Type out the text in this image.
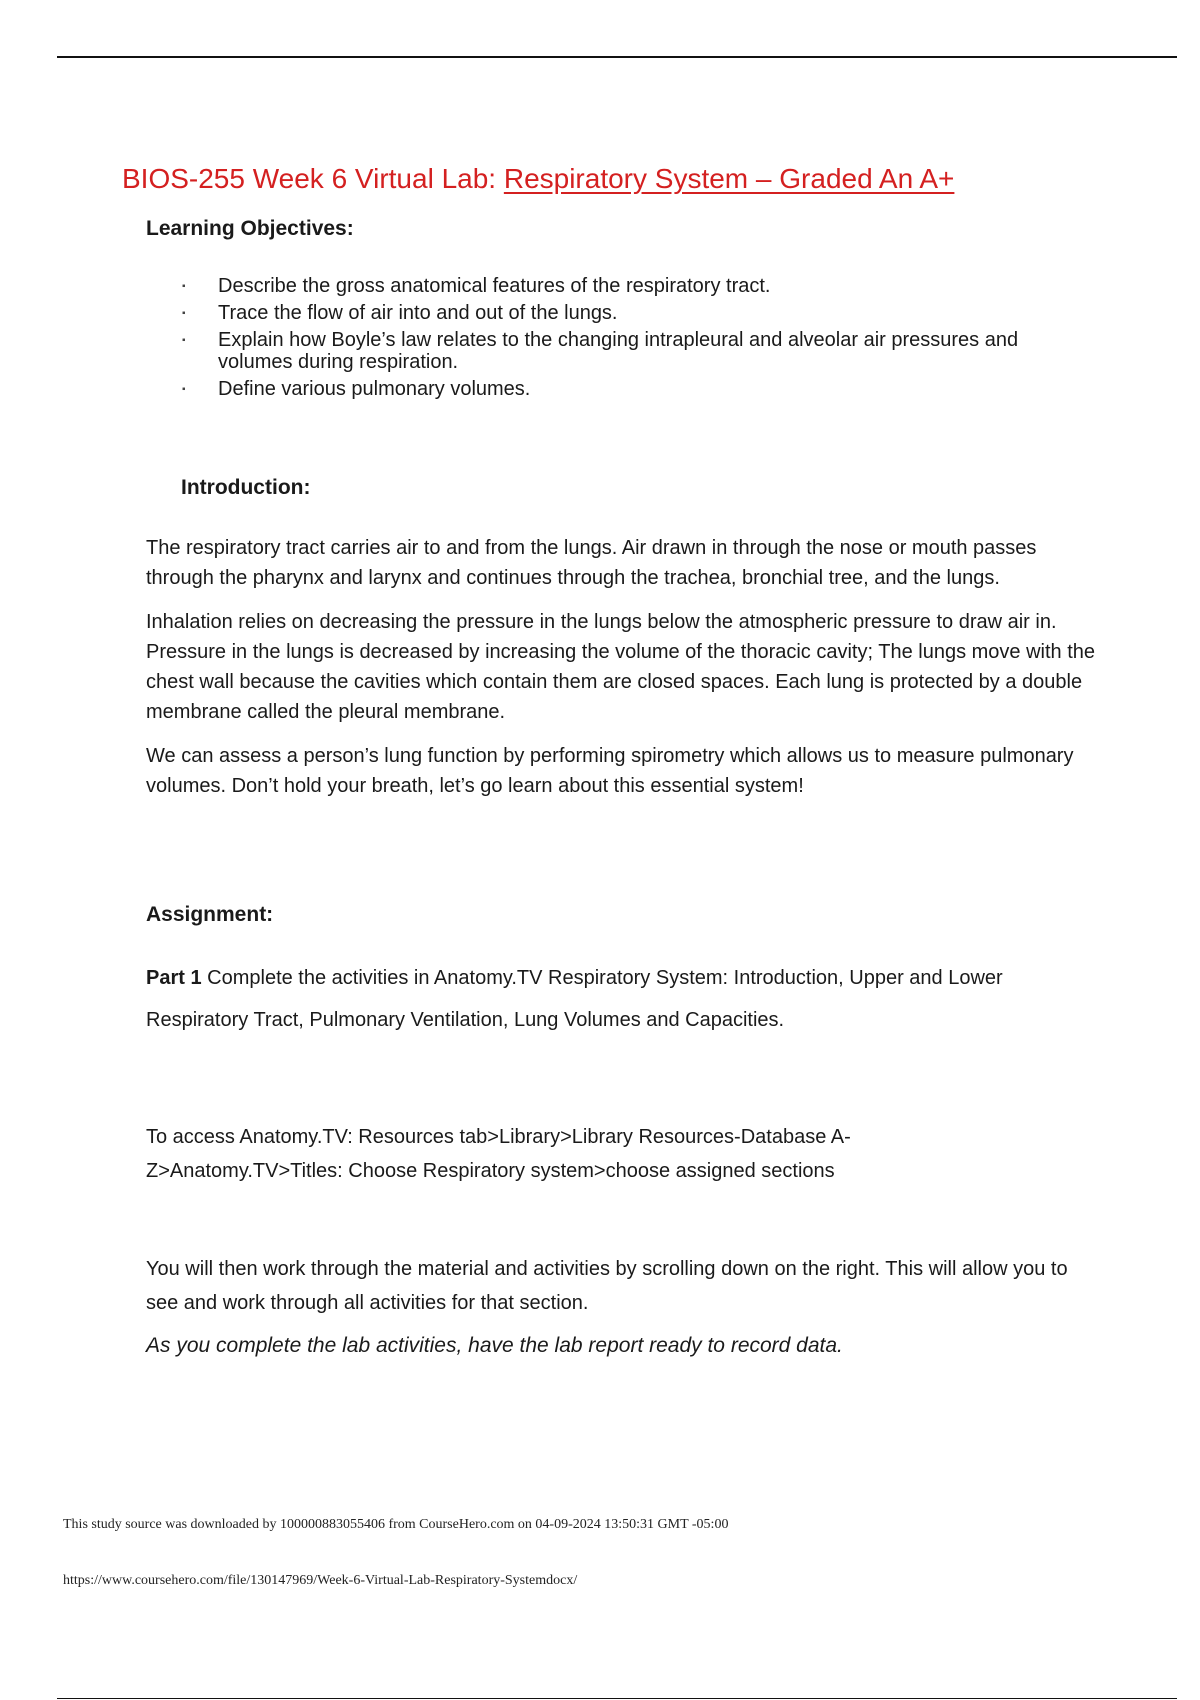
BIOS-255 Week 6 Virtual Lab: Respiratory System – Graded An A+
Learning Objectives:
▪ Describe the gross anatomical features of the respiratory tract.
▪ Trace the flow of air into and out of the lungs.
▪ Explain how Boyle’s law relates to the changing intrapleural and alveolar air pressures and volumes during respiration.
▪ Define various pulmonary volumes.
Introduction:

The respiratory tract carries air to and from the lungs. Air drawn in through the nose or mouth passes through the pharynx and larynx and continues through the trachea, bronchial tree, and the lungs.

Inhalation relies on decreasing the pressure in the lungs below the atmospheric pressure to draw air in. Pressure in the lungs is decreased by increasing the volume of the thoracic cavity; The lungs move with the chest wall because the cavities which contain them are closed spaces. Each lung is protected by a double membrane called the pleural membrane.

We can assess a person’s lung function by performing spirometry which allows us to measure pulmonary volumes. Don’t hold your breath, let’s go learn about this essential system!

Assignment:

Part 1 Complete the activities in Anatomy.TV Respiratory System: Introduction, Upper and Lower Respiratory Tract, Pulmonary Ventilation, Lung Volumes and Capacities.

To access Anatomy.TV: Resources tab>Library>Library Resources-Database A-Z>Anatomy.TV>Titles: Choose Respiratory system>choose assigned sections

You will then work through the material and activities by scrolling down on the right. This will allow you to see and work through all activities for that section.

As you complete the lab activities, have the lab report ready to record data.

This study source was downloaded by 100000883055406 from CourseHero.com on 04-09-2024 13:50:31 GMT -05:00

https://www.coursehero.com/file/130147969/Week-6-Virtual-Lab-Respiratory-Systemdocx/
